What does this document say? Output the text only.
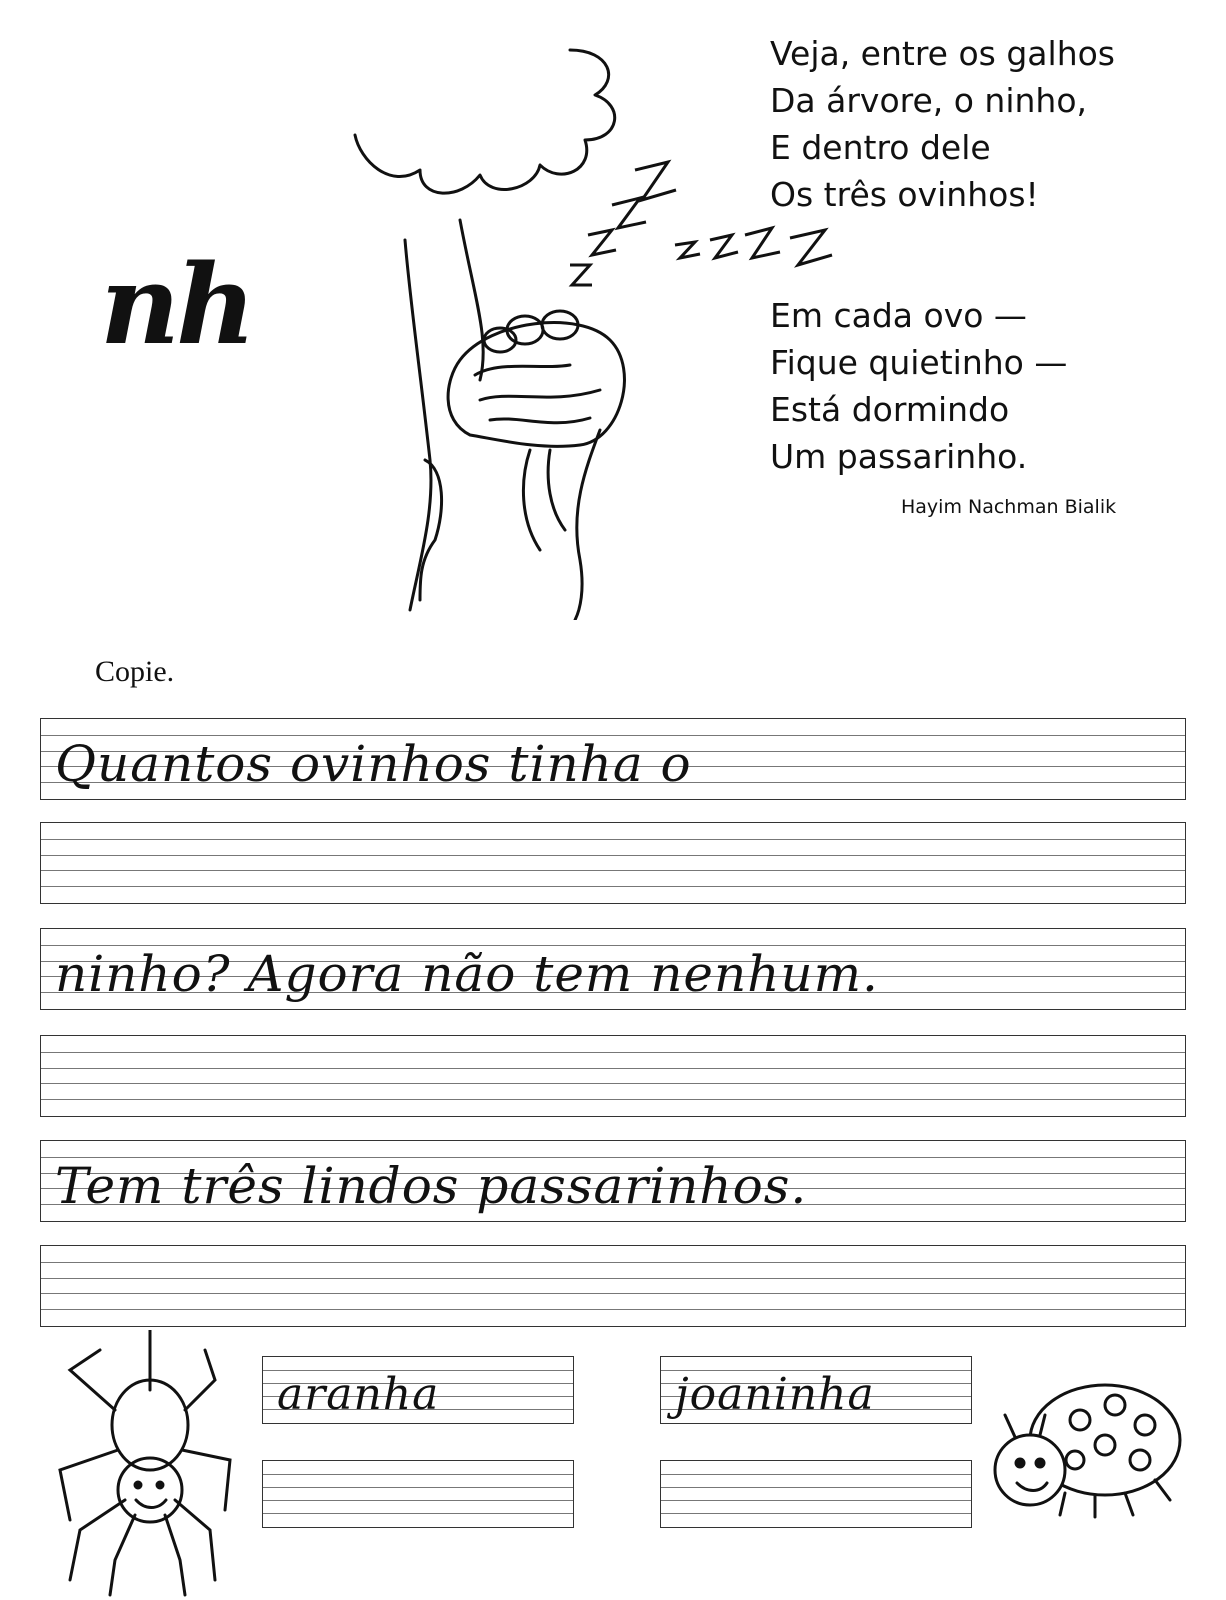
nh
Veja, entre os galhos
Da árvore, o ninho,
E dentro dele
Os três ovinhos!
Em cada ovo —
Fique quietinho —
Está dormindo
Um passarinho.
Hayim Nachman Bialik
Copie.
Quantos ovinhos tinha o
ninho? Agora não tem nenhum.
Tem três lindos passarinhos.
aranha	joaninha
